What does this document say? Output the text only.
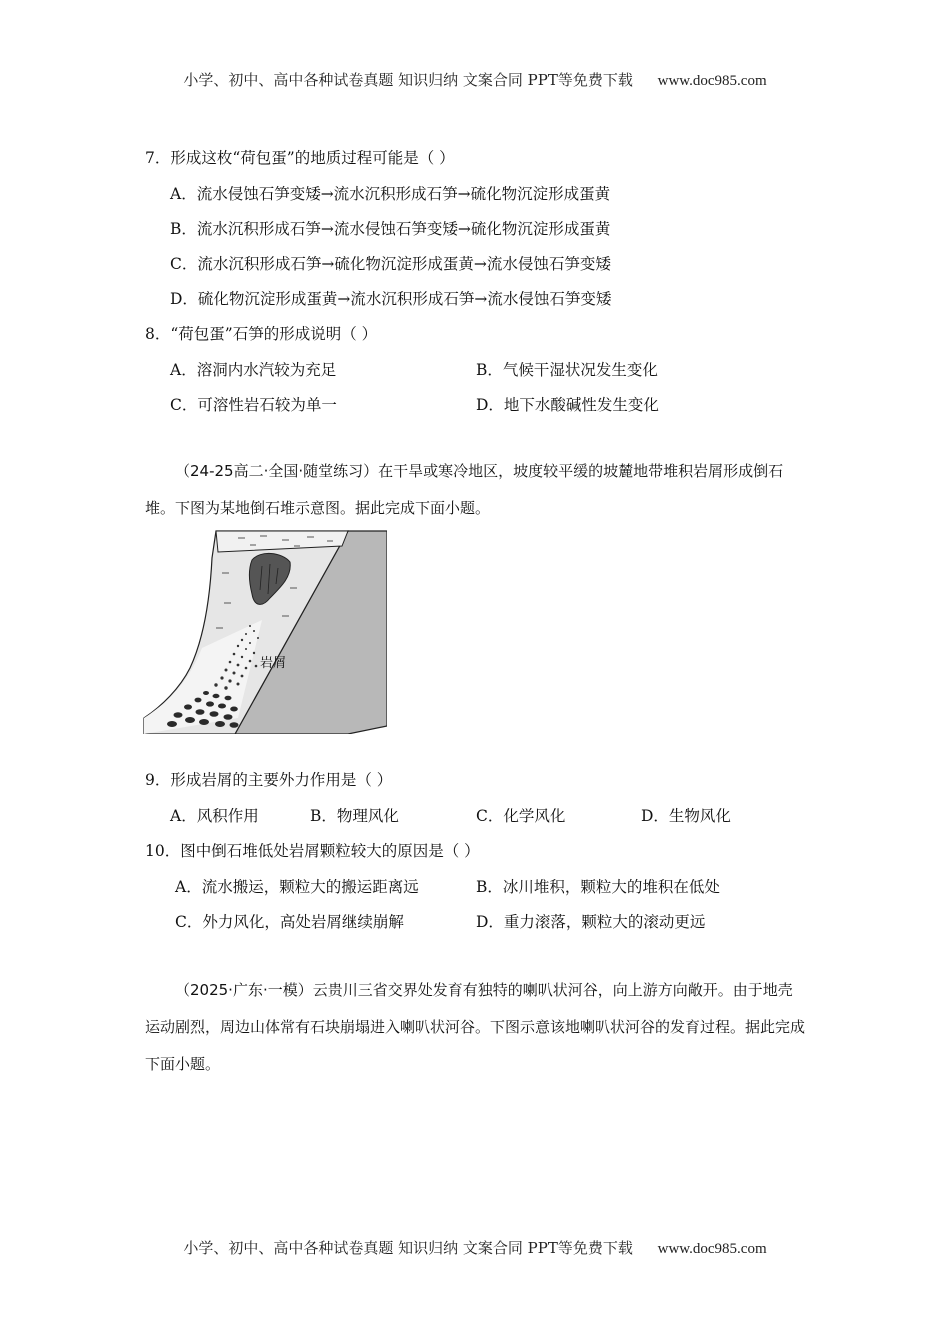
小学、初中、高中各种试卷真题 知识归纳 文案合同 PPT等免费下载 www.doc985.com
7．形成这枚“荷包蛋”的地质过程可能是（ ）
A．流水侵蚀石笋变矮→流水沉积形成石笋→硫化物沉淀形成蛋黄
B．流水沉积形成石笋→流水侵蚀石笋变矮→硫化物沉淀形成蛋黄
C．流水沉积形成石笋→硫化物沉淀形成蛋黄→流水侵蚀石笋变矮
D．硫化物沉淀形成蛋黄→流水沉积形成石笋→流水侵蚀石笋变矮
8．“荷包蛋”石笋的形成说明（ ）
A．溶洞内水汽较为充足	B．气候干湿状况发生变化
C．可溶性岩石较为单一	D．地下水酸碱性发生变化
（24-25高二·全国·随堂练习）在干旱或寒冷地区，坡度较平缓的坡麓地带堆积岩屑形成倒石堆。下图为某地倒石堆示意图。据此完成下面小题。
岩屑
9．形成岩屑的主要外力作用是（ ）
A．风积作用	B．物理风化	C．化学风化	D．生物风化
10．图中倒石堆低处岩屑颗粒较大的原因是（ ）
A．流水搬运，颗粒大的搬运距离远	B．冰川堆积，颗粒大的堆积在低处
C．外力风化，高处岩屑继续崩解	D．重力滚落，颗粒大的滚动更远
（2025·广东·一模）云贵川三省交界处发育有独特的喇叭状河谷，向上游方向敞开。由于地壳运动剧烈，周边山体常有石块崩塌进入喇叭状河谷。下图示意该地喇叭状河谷的发育过程。据此完成下面小题。
小学、初中、高中各种试卷真题 知识归纳 文案合同 PPT等免费下载 www.doc985.com
